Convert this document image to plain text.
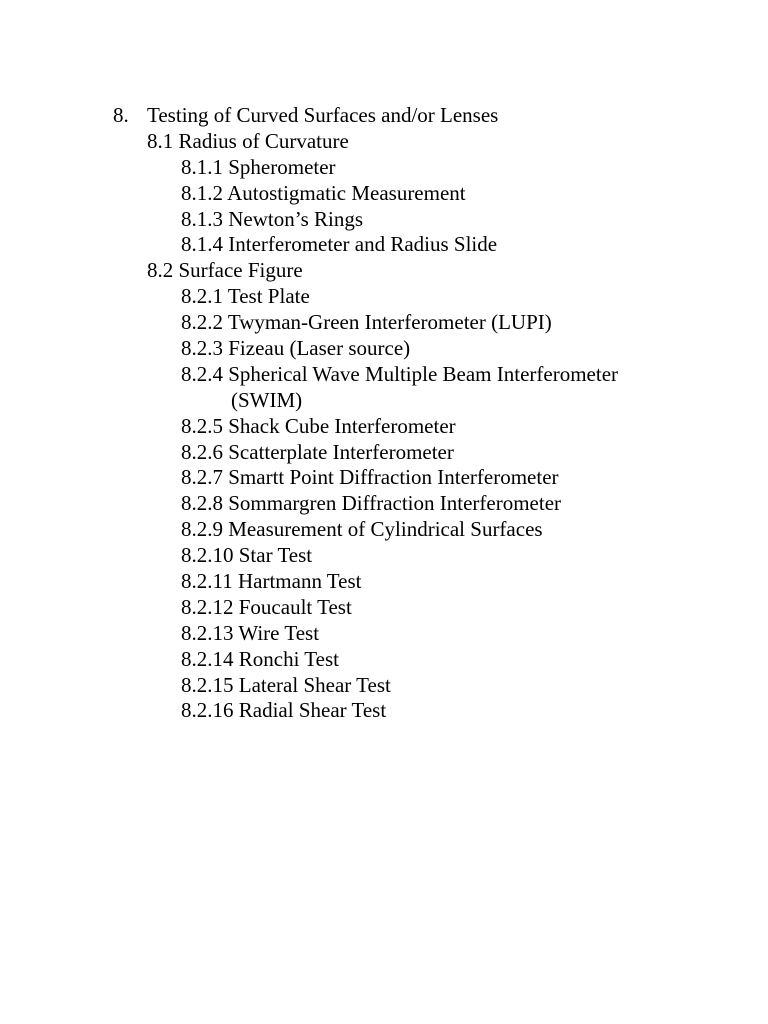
8. Testing of Curved Surfaces and/or Lenses
8.1 Radius of Curvature
8.1.1 Spherometer
8.1.2 Autostigmatic Measurement
8.1.3 Newton’s Rings
8.1.4 Interferometer and Radius Slide
8.2 Surface Figure
8.2.1 Test Plate
8.2.2 Twyman-Green Interferometer (LUPI)
8.2.3 Fizeau (Laser source)
8.2.4 Spherical Wave Multiple Beam Interferometer
(SWIM)
8.2.5 Shack Cube Interferometer
8.2.6 Scatterplate Interferometer
8.2.7 Smartt Point Diffraction Interferometer
8.2.8 Sommargren Diffraction Interferometer
8.2.9 Measurement of Cylindrical Surfaces
8.2.10 Star Test
8.2.11 Hartmann Test
8.2.12 Foucault Test
8.2.13 Wire Test
8.2.14 Ronchi Test
8.2.15 Lateral Shear Test
8.2.16 Radial Shear Test
